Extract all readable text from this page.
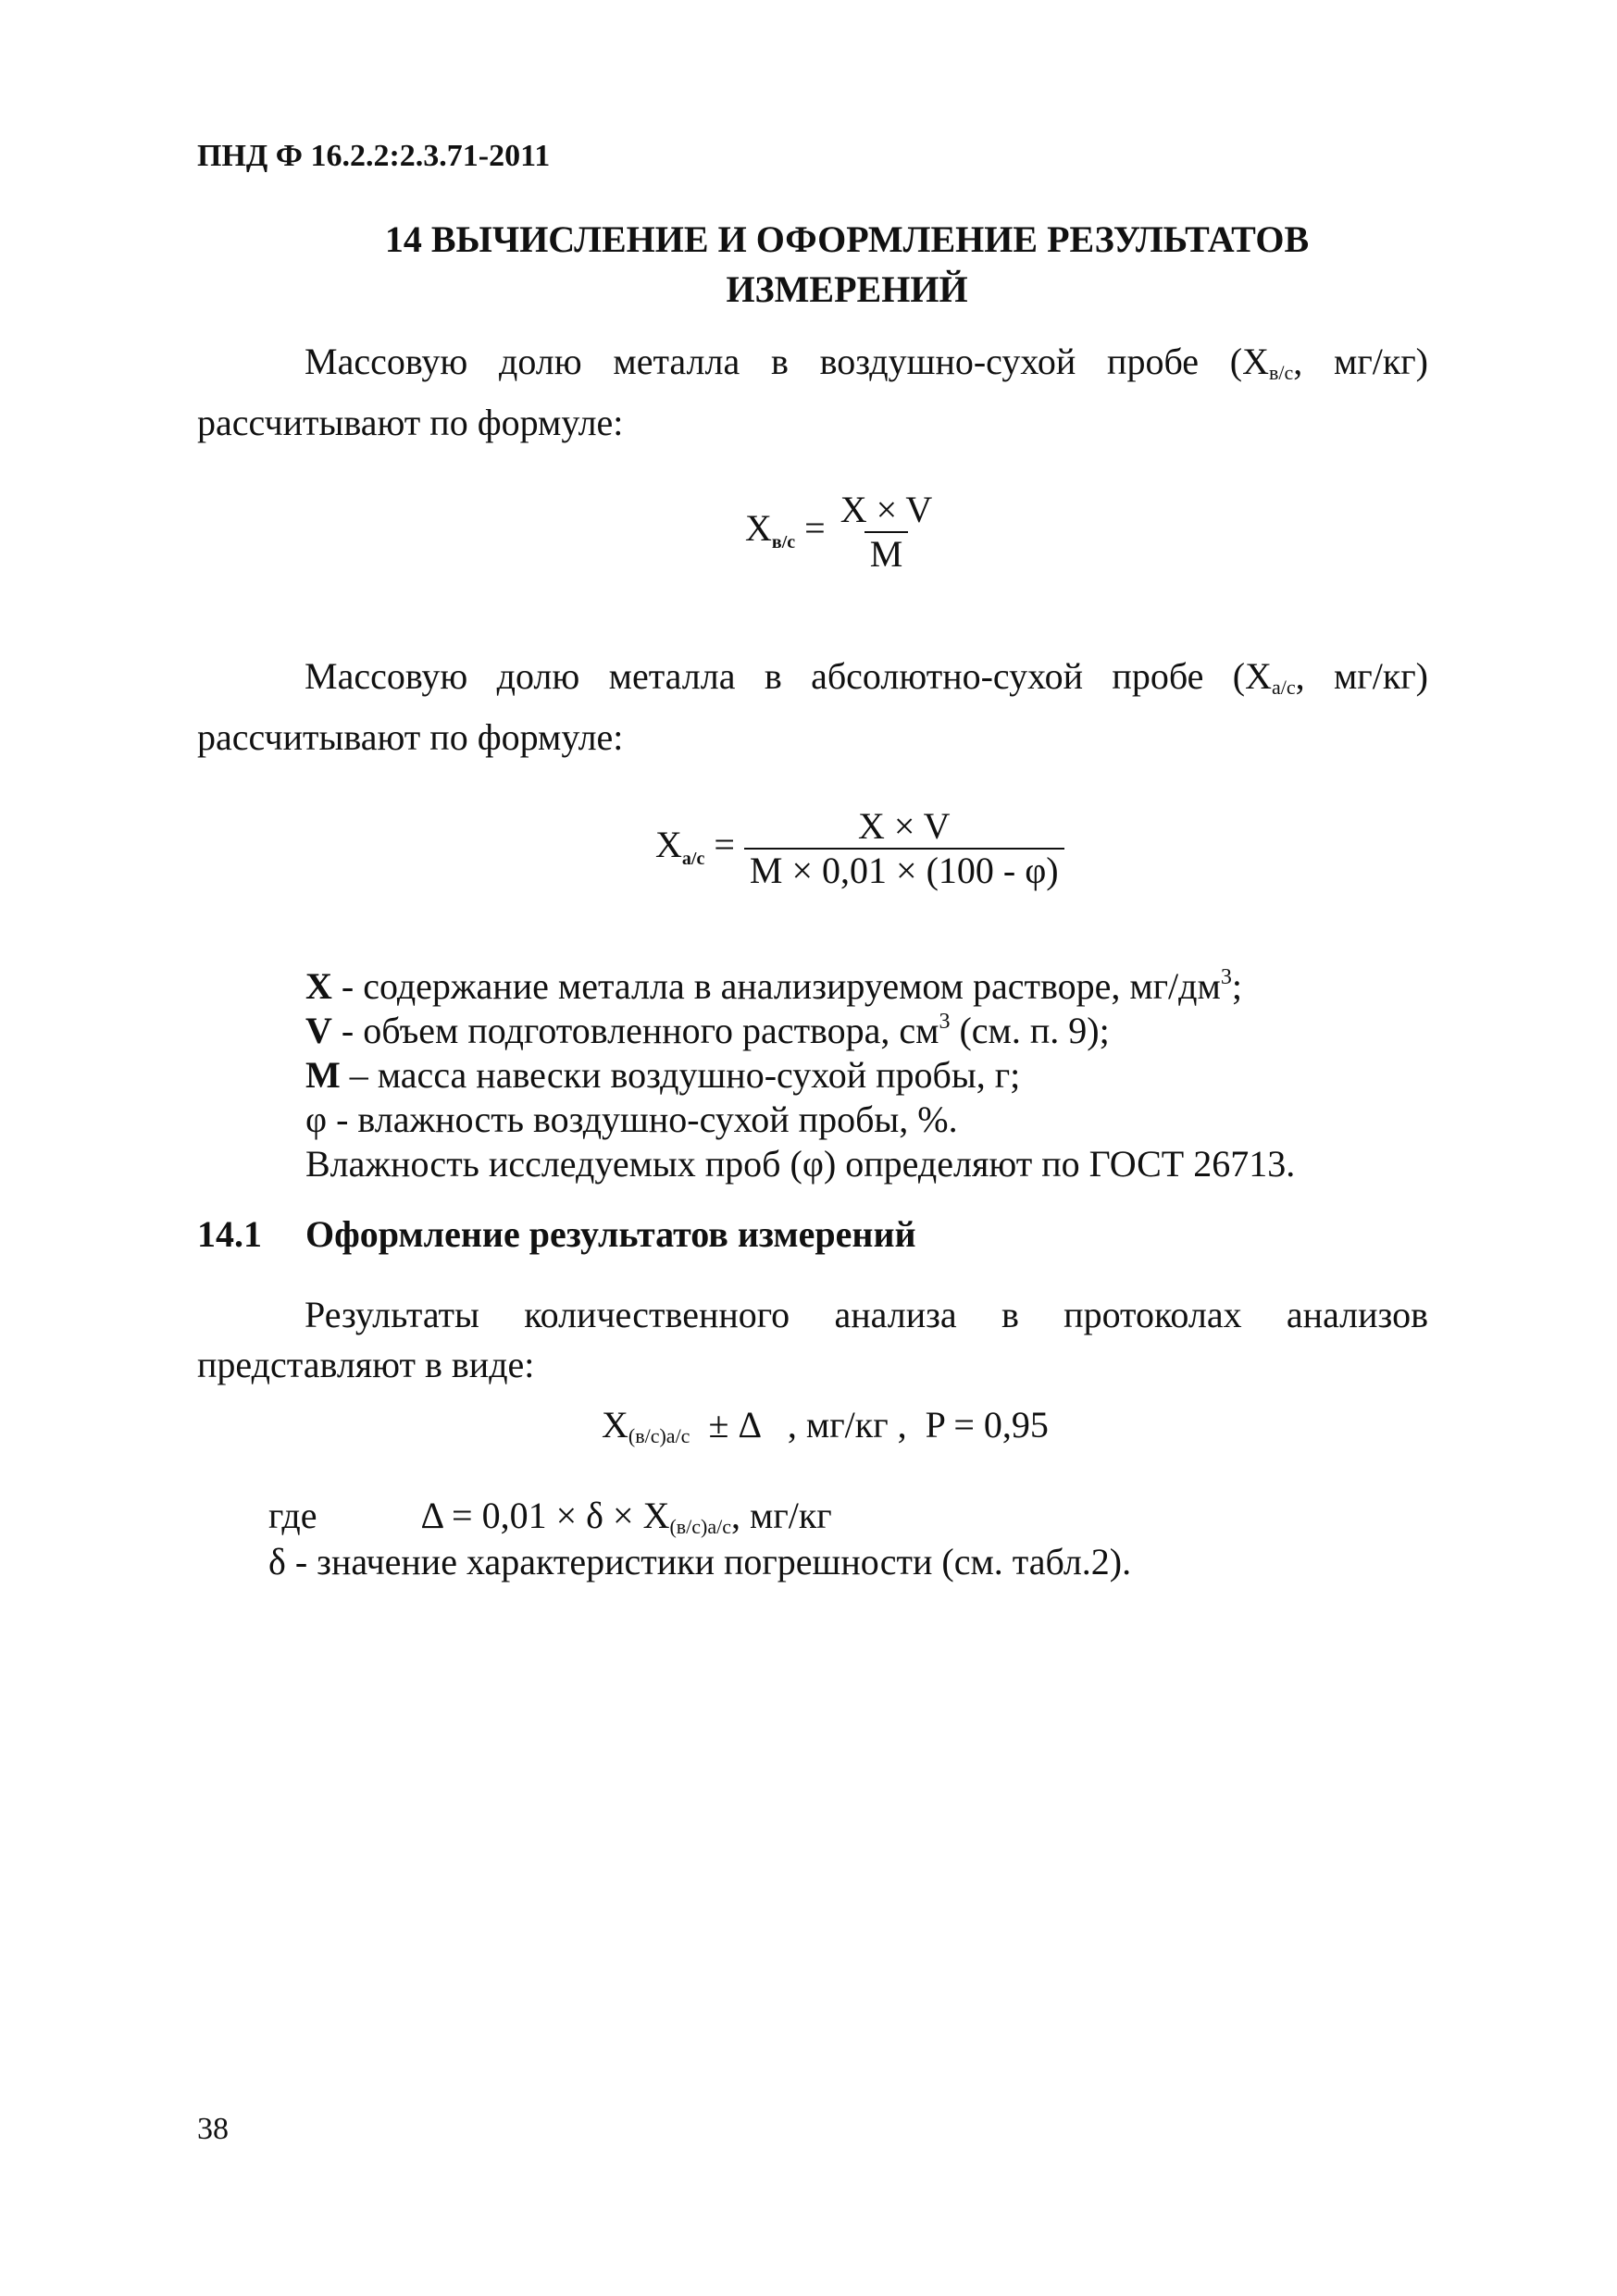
ПНД Ф 16.2.2:2.3.71-2011
14 ВЫЧИСЛЕНИЕ И ОФОРМЛЕНИЕ РЕЗУЛЬТАТОВ
ИЗМЕРЕНИЙ
Массовую долю металла в воздушно-сухой пробе (Xв/с, мг/кг)
рассчитывают по формуле:
$X_{в/с} = \frac{X \times V}{M}$
Массовую долю металла в абсолютно-сухой пробе (Xа/с, мг/кг)
рассчитывают по формуле:
$X_{а/с} = \frac{X \times V}{M \times 0,01 \times (100 - \varphi)}$
X - содержание металла в анализируемом растворе, $мг/дм^3$;
V - объем подготовленного раствора, $см^3$ (см. п. 9);
М – масса навески воздушно-сухой пробы, г;
φ - влажность воздушно-сухой пробы, %.
Влажность исследуемых проб (φ) определяют по ГОСТ 26713.
14.1 Оформление результатов измерений
Результаты количественного анализа в протоколах анализов
представляют в виде:
X(в/с)а/с ± Δ , мг/кг , P = 0,95
где	Δ = 0,01 × δ × X(в/с)а/с, мг/кг
δ - значение характеристики погрешности (см. табл.2).
38
